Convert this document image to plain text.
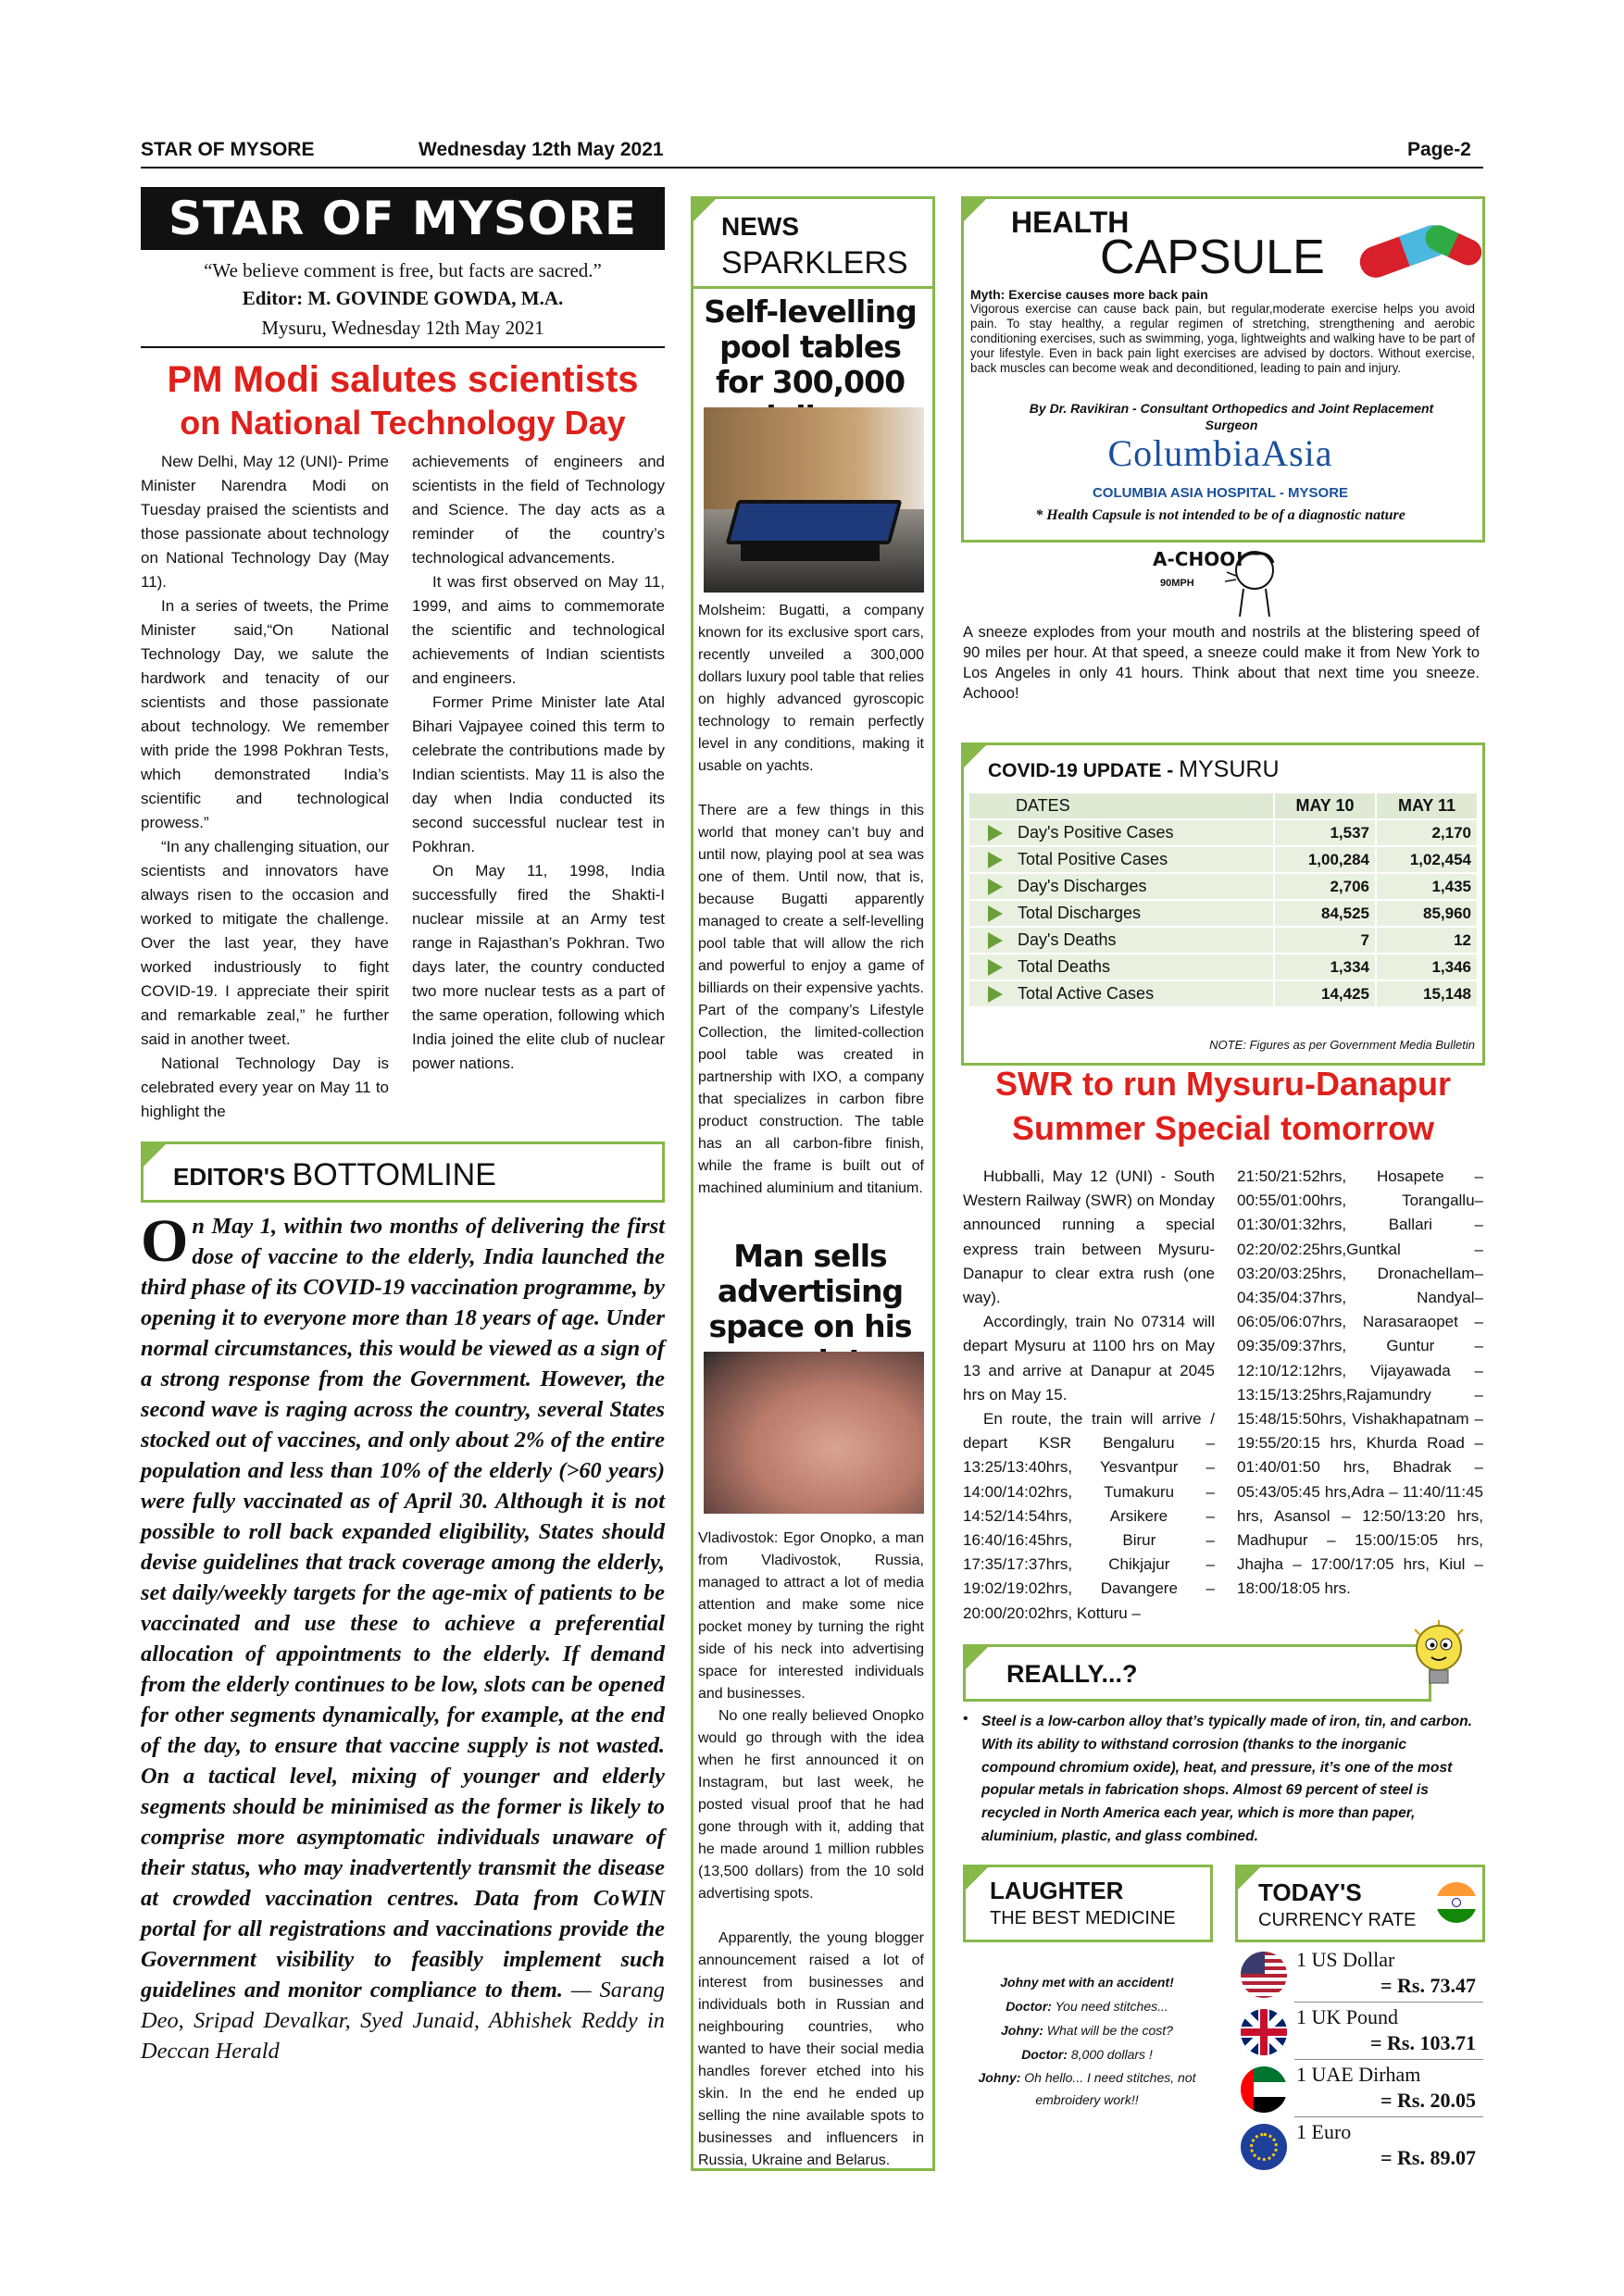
STAR OF MYSORE	Wednesday 12th May 2021	Page-2
STAR OF MYSORE
“We believe comment is free, but facts are sacred.”
Editor: M. GOVINDE GOWDA, M.A.
Mysuru, Wednesday 12th May 2021
PM Modi salutes scientists
on National Technology Day

New Delhi, May 12 (UNI)- Prime Minister Narendra Modi on Tuesday praised the scientists and those passionate about technology on National Technology Day (May 11).

In a series of tweets, the Prime Minister said,“On National Technology Day, we salute the hardwork and tenacity of our scientists and those passionate about technology. We remember with pride the 1998 Pokhran Tests, which demonstrated India’s scientific and technological prowess.”

“In any challenging situation, our scientists and innovators have always risen to the occasion and worked to mitigate the challenge. Over the last year, they have worked industriously to fight COVID-19. I appreciate their spirit and remarkable zeal,” he further said in another tweet.

National Technology Day is celebrated every year on May 11 to highlight the

achievements of engineers and scientists in the field of Technology and Science. The day acts as a reminder of the country’s technological advancements.

It was first observed on May 11, 1999, and aims to commemorate the scientific and technological achievements of Indian scientists and engineers.

Former Prime Minister late Atal Bihari Vajpayee coined this term to celebrate the contributions made by Indian scientists. May 11 is also the day when India conducted its second successful nuclear test in Pokhran.

On May 11, 1998, India successfully fired the Shakti-I nuclear missile at an Army test range in Rajasthan’s Pokhran. Two days later, the country conducted two more nuclear tests as a part of the same operation, following which India joined the elite club of nuclear power nations.

EDITOR'S BOTTOMLINE
On May 1, within two months of delivering the first dose of vaccine to the elderly, India launched the third phase of its COVID-19 vaccination programme, by opening it to everyone more than 18 years of age. Under normal circumstances, this would be viewed as a sign of a strong response from the Government. However, the second wave is raging across the country, several States stocked out of vaccines, and only about 2% of the entire population and less than 10% of the elderly (>60 years) were fully vaccinated as of April 30. Although it is not possible to roll back expanded eligibility, States should devise guidelines that track coverage among the elderly, set daily/weekly targets for the age-mix of patients to be vaccinated and use these to achieve a preferential allocation of appointments to the elderly. If demand from the elderly continues to be low, slots can be opened for other segments dynamically, for example, at the end of the day, to ensure that vaccine supply is not wasted. On a tactical level, mixing of younger and elderly segments should be minimised as the former is likely to comprise more asymptomatic individuals unaware of their status, who may inadvertently transmit the disease at crowded vaccination centres. Data from CoWIN portal for all registrations and vaccinations provide the Government visibility to feasibly implement such guidelines and monitor compliance to them. — Sarang Deo, Sripad Devalkar, Syed Junaid, Abhishek Reddy in Deccan Herald
NEWS
SPARKLERS
Self-levelling pool tables for 300,000

Molsheim: Bugatti, a company known for its exclusive sport cars, recently unveiled a 300,000 dollars luxury pool table that relies on highly advanced gyroscopic technology to remain perfectly level in any conditions, making it usable on yachts.

There are a few things in this world that money can’t buy and until now, playing pool at sea was one of them. Until now, that is, because Bugatti apparently managed to create a self-levelling pool table that will allow the rich and powerful to enjoy a game of billiards on their expensive yachts. Part of the company’s Lifestyle Collection, the limited-collection pool table was created in partnership with IXO, a company that specializes in carbon fibre product construction. The table has an all carbon-fibre finish, while the frame is built out of machined aluminium and titanium.

Man sells advertising space on his

Vladivostok: Egor Onopko, a man from Vladivostok, Russia, managed to attract a lot of media attention and make some nice pocket money by turning the right side of his neck into advertising space for interested individuals and businesses.

No one really believed Onopko would go through with the idea when he first announced it on Instagram, but last week, he posted visual proof that he had gone through with it, adding that he made around 1 million rubbles (13,500 dollars) from the 10 sold advertising spots.

Apparently, the young blogger announcement raised a lot of interest from businesses and individuals both in Russian and neighbouring countries, who wanted to have their social media handles forever etched into his skin. In the end he ended up selling the nine available spots to businesses and influencers in Russia, Ukraine and Belarus.

HEALTH
CAPSULE
Myth: Exercise causes more back pain
Vigorous exercise can cause back pain, but regular,moderate exercise helps you avoid pain. To stay healthy, a regular regimen of stretching, strengthening and aerobic conditioning exercises, such as swimming, yoga, lightweights and walking have to be part of your lifestyle. Even in back pain light exercises are advised by doctors. Without exercise, back muscles can become weak and deconditioned, leading to pain and injury.
By Dr. Ravikiran - Consultant Orthopedics and Joint Replacement Surgeon
ColumbiaAsia
COLUMBIA ASIA HOSPITAL - MYSORE
* Health Capsule is not intended to be of a diagnostic nature
A-CHOO!
90MPH
A sneeze explodes from your mouth and nostrils at the blistering speed of 90 miles per hour. At that speed, a sneeze could make it from New York to Los Angeles in only 41 hours. Think about that next time you sneeze. Achooo!
COVID-19 UPDATE - MYSURU
DATES	MAY 10	MAY 11
Day's Positive Cases	1,537	2,170
Total Positive Cases	1,00,284	1,02,454
Day's Discharges	2,706	1,435
Total Discharges	84,525	85,960
Day's Deaths	7	12
Total Deaths	1,334	1,346
Total Active Cases	14,425	15,148
NOTE: Figures as per Government Media Bulletin
SWR to run Mysuru-Danapur
Summer Special tomorrow

Hubballi, May 12 (UNI) - South Western Railway (SWR) on Monday announced running a special express train between Mysuru-Danapur to clear extra rush (one way).

Accordingly, train No 07314 will depart Mysuru at 1100 hrs on May 13 and arrive at Danapur at 2045 hrs on May 15.

En route, the train will arrive / depart KSR Bengaluru – 13:25/13:40hrs, Yesvantpur – 14:00/14:02hrs, Tumakuru – 14:52/14:54hrs, Arsikere – 16:40/16:45hrs, Birur – 17:35/17:37hrs, Chikjajur – 19:02/19:02hrs, Davangere – 20:00/20:02hrs, Kotturu –

21:50/21:52hrs, Hosapete – 00:55/01:00hrs, Torangallu– 01:30/01:32hrs, Ballari – 02:20/02:25hrs,Guntkal – 03:20/03:25hrs, Dronachellam– 04:35/04:37hrs, Nandyal– 06:05/06:07hrs, Narasaraopet – 09:35/09:37hrs, Guntur – 12:10/12:12hrs, Vijayawada – 13:15/13:25hrs,Rajamundry – 15:48/15:50hrs, Vishakhapatnam – 19:55/20:15 hrs, Khurda Road – 01:40/01:50 hrs, Bhadrak – 05:43/05:45 hrs,Adra – 11:40/11:45 hrs, Asansol – 12:50/13:20 hrs, Madhupur – 15:00/15:05 hrs, Jhajha – 17:00/17:05 hrs, Kiul – 18:00/18:05 hrs.
REALLY...?
• Steel is a low-carbon alloy that’s typically made of iron, tin, and carbon. With its ability to withstand corrosion (thanks to the inorganic compound chromium oxide), heat, and pressure, it’s one of the most popular metals in fabrication shops. Almost 69 percent of steel is recycled in North America each year, which is more than paper, aluminium, plastic, and glass combined.
LAUGHTER
THE BEST MEDICINE
Johny met with an accident!
Doctor: You need stitches...
Johny: What will be the cost?
Doctor: 8,000 dollars !
Johny: Oh hello... I need stitches, not embroidery work!!
TODAY'S
CURRENCY RATE
1 US Dollar
= Rs. 73.47
1 UK Pound
= Rs. 103.71
1 UAE Dirham
= Rs. 20.05
1 Euro
= Rs. 89.07
